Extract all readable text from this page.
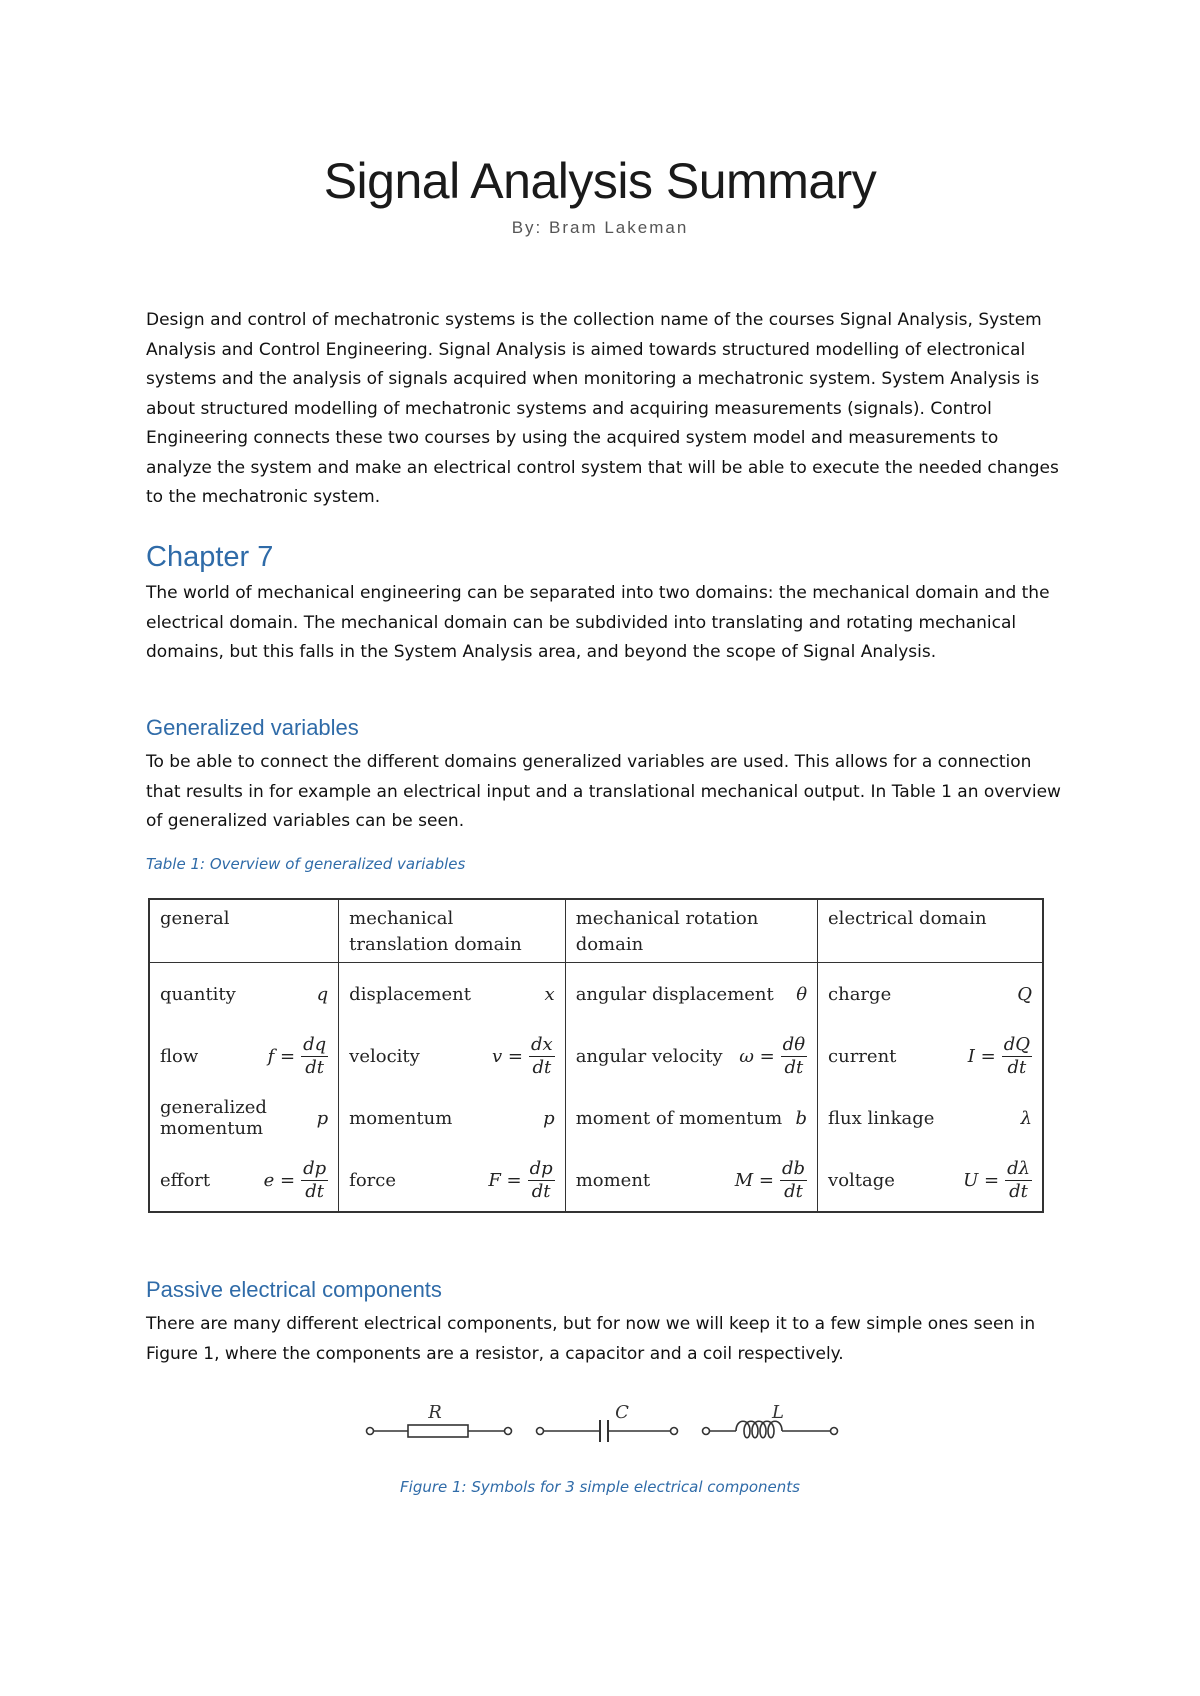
Signal Analysis Summary
By: Bram Lakeman

Design and control of mechatronic systems is the collection name of the courses Signal Analysis, System Analysis and Control Engineering. Signal Analysis is aimed towards structured modelling of electronical systems and the analysis of signals acquired when monitoring a mechatronic system. System Analysis is about structured modelling of mechatronic systems and acquiring measurements (signals). Control Engineering connects these two courses by using the acquired system model and measurements to analyze the system and make an electrical control system that will be able to execute the needed changes to the mechatronic system.

Chapter 7

The world of mechanical engineering can be separated into two domains: the mechanical domain and the electrical domain. The mechanical domain can be subdivided into translating and rotating mechanical domains, but this falls in the System Analysis area, and beyond the scope of Signal Analysis.

Generalized variables

To be able to connect the different domains generalized variables are used. This allows for a connection that results in for example an electrical input and a translational mechanical output. In Table 1 an overview of generalized variables can be seen.

Table 1: Overview of generalized variables

general	mechanical translation domain	mechanical rotation domain	electrical domain

quantity q	displacement x	angular displacement θ	charge Q

flow $f = \frac{dq}{dt}$	velocity $v = \frac{dx}{dt}$	angular velocity $\omega = \frac{d\theta}{dt}$	current $I = \frac{dQ}{dt}$

generalized momentum p	momentum p	moment of momentum b	flux linkage λ

effort $e = \frac{dp}{dt}$	force $F = \frac{dp}{dt}$	moment $M = \frac{db}{dt}$	voltage $U = \frac{d\lambda}{dt}$
Passive electrical components

There are many different electrical components, but for now we will keep it to a few simple ones seen in Figure 1, where the components are a resistor, a capacitor and a coil respectively.

R	C	L

Figure 1: Symbols for 3 simple electrical components
